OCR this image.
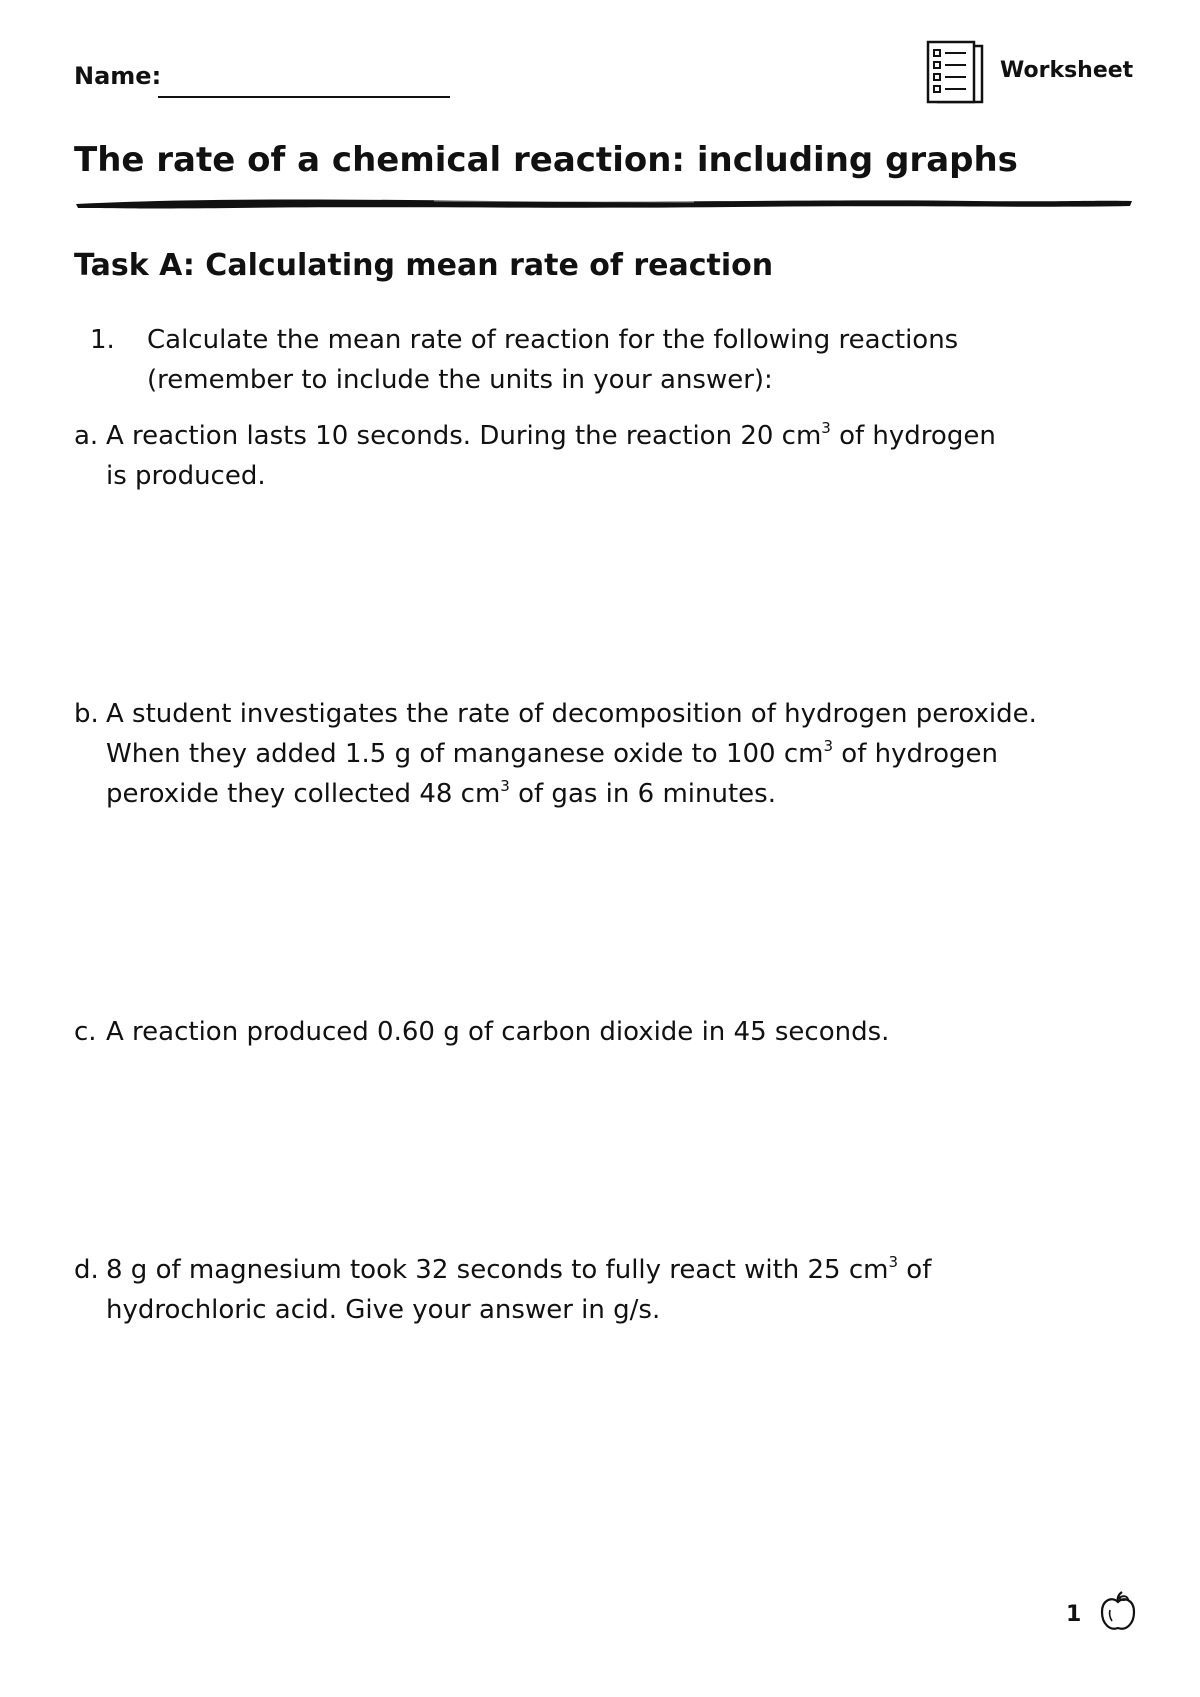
Name:	Worksheet
The rate of a chemical reaction: including graphs
Task A: Calculating mean rate of reaction
1. Calculate the mean rate of reaction for the following reactions
(remember to include the units in your answer):
a. A reaction lasts 10 seconds. During the reaction 20 $cm^3$ of hydrogen
is produced.
b. A student investigates the rate of decomposition of hydrogen peroxide.
When they added 1.5 g of manganese oxide to 100 $cm^3$ of hydrogen
peroxide they collected 48 $cm^3$ of gas in 6 minutes.
c. A reaction produced 0.60 g of carbon dioxide in 45 seconds.
d. 8 g of magnesium took 32 seconds to fully react with 25 $cm^3$ of
hydrochloric acid. Give your answer in g/s.
1
